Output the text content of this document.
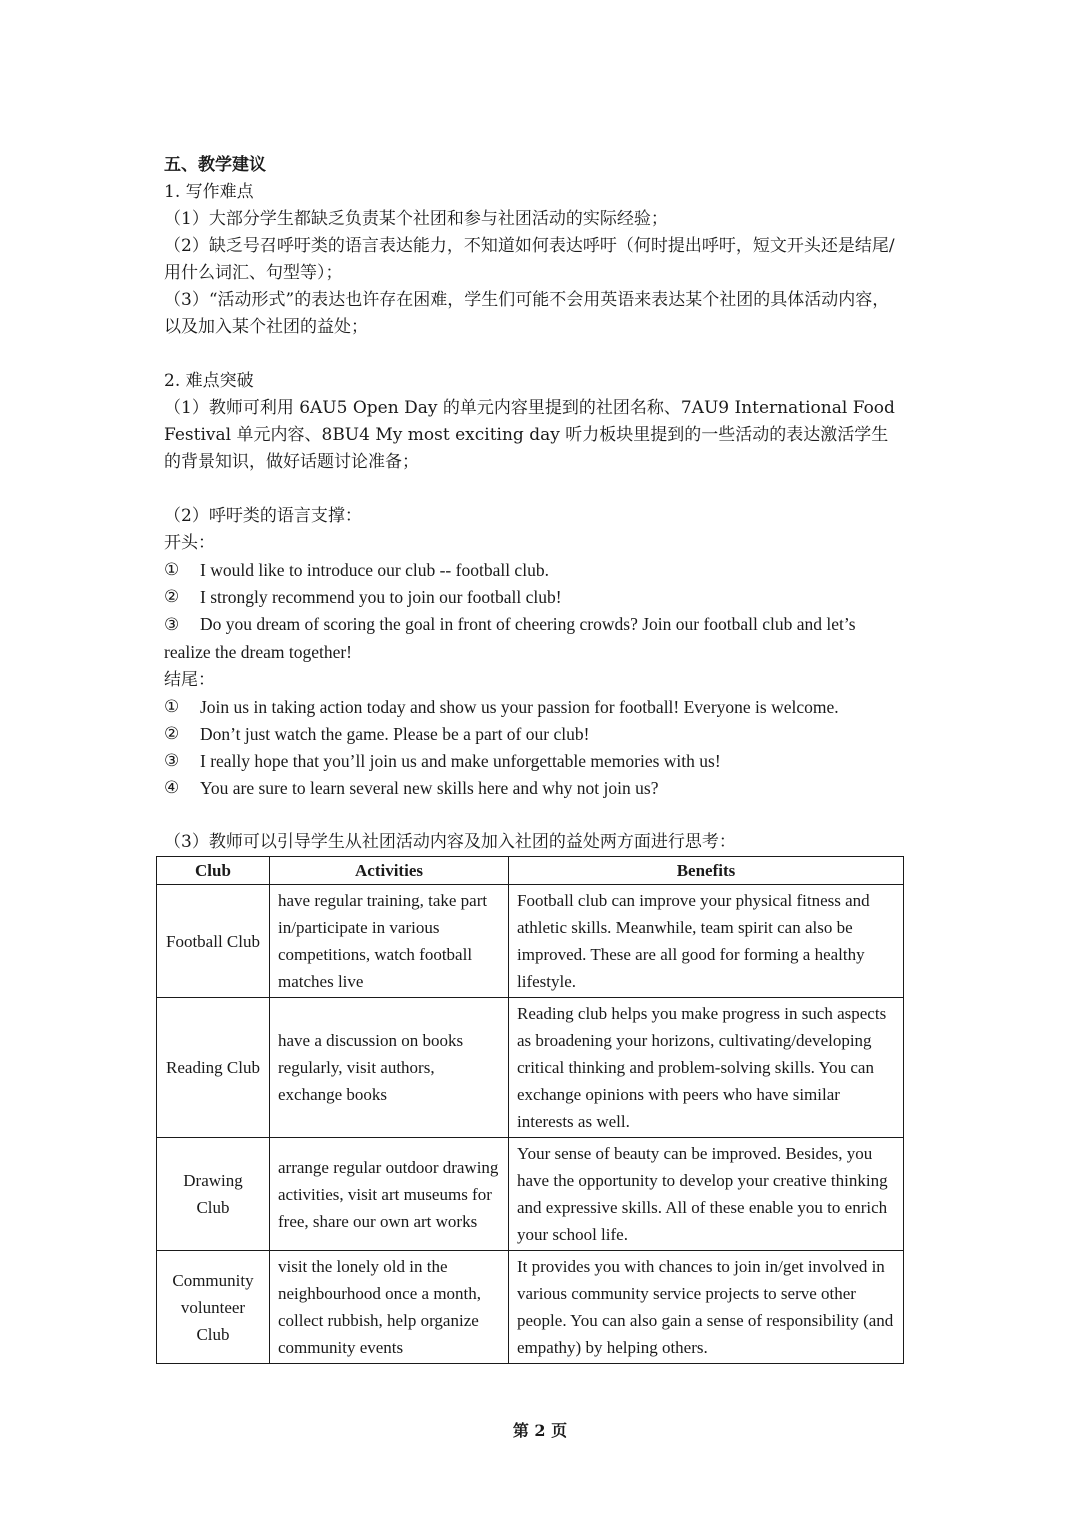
五、教学建议

1. 写作难点

（1）大部分学生都缺乏负责某个社团和参与社团活动的实际经验；

（2）缺乏号召呼吁类的语言表达能力，不知道如何表达呼吁（何时提出呼吁，短文开头还是结尾/用什么词汇、句型等）；

（3）“活动形式”的表达也许存在困难，学生们可能不会用英语来表达某个社团的具体活动内容，以及加入某个社团的益处；

2. 难点突破

（1）教师可利用 6AU5 Open Day 的单元内容里提到的社团名称、7AU9 International Food Festival 单元内容、8BU4 My most exciting day 听力板块里提到的一些活动的表达激活学生的背景知识，做好话题讨论准备；

（2）呼吁类的语言支撑：

开头：

①	I would like to introduce our club -- football club.
②	I strongly recommend you to join our football club!

③ Do you dream of scoring the goal in front of cheering crowds? Join our football club and let’s realize the dream together!

结尾：

①	Join us in taking action today and show us your passion for football! Everyone is welcome.
②	Don’t just watch the game. Please be a part of our club!
③	I really hope that you’ll join us and make unforgettable memories with us!
④	You are sure to learn several new skills here and why not join us?

（3）教师可以引导学生从社团活动内容及加入社团的益处两方面进行思考：

Club	Activities	Benefits
Football Club	have regular training, take part in/participate in various competitions, watch football matches live	Football club can improve your physical fitness and athletic skills. Meanwhile, team spirit can also be improved. These are all good for forming a healthy lifestyle.
Reading Club	have a discussion on books regularly, visit authors, exchange books	Reading club helps you make progress in such aspects as broadening your horizons, cultivating/developing critical thinking and problem-solving skills. You can exchange opinions with peers who have similar interests as well.
Drawing Club	arrange regular outdoor drawing activities, visit art museums for free, share our own art works	Your sense of beauty can be improved. Besides, you have the opportunity to develop your creative thinking and expressive skills. All of these enable you to enrich your school life.
Community volunteer Club	visit the lonely old in the neighbourhood once a month, collect rubbish, help organize community events	It provides you with chances to join in/get involved in various community service projects to serve other people. You can also gain a sense of responsibility (and empathy) by helping others.
第 2 页
